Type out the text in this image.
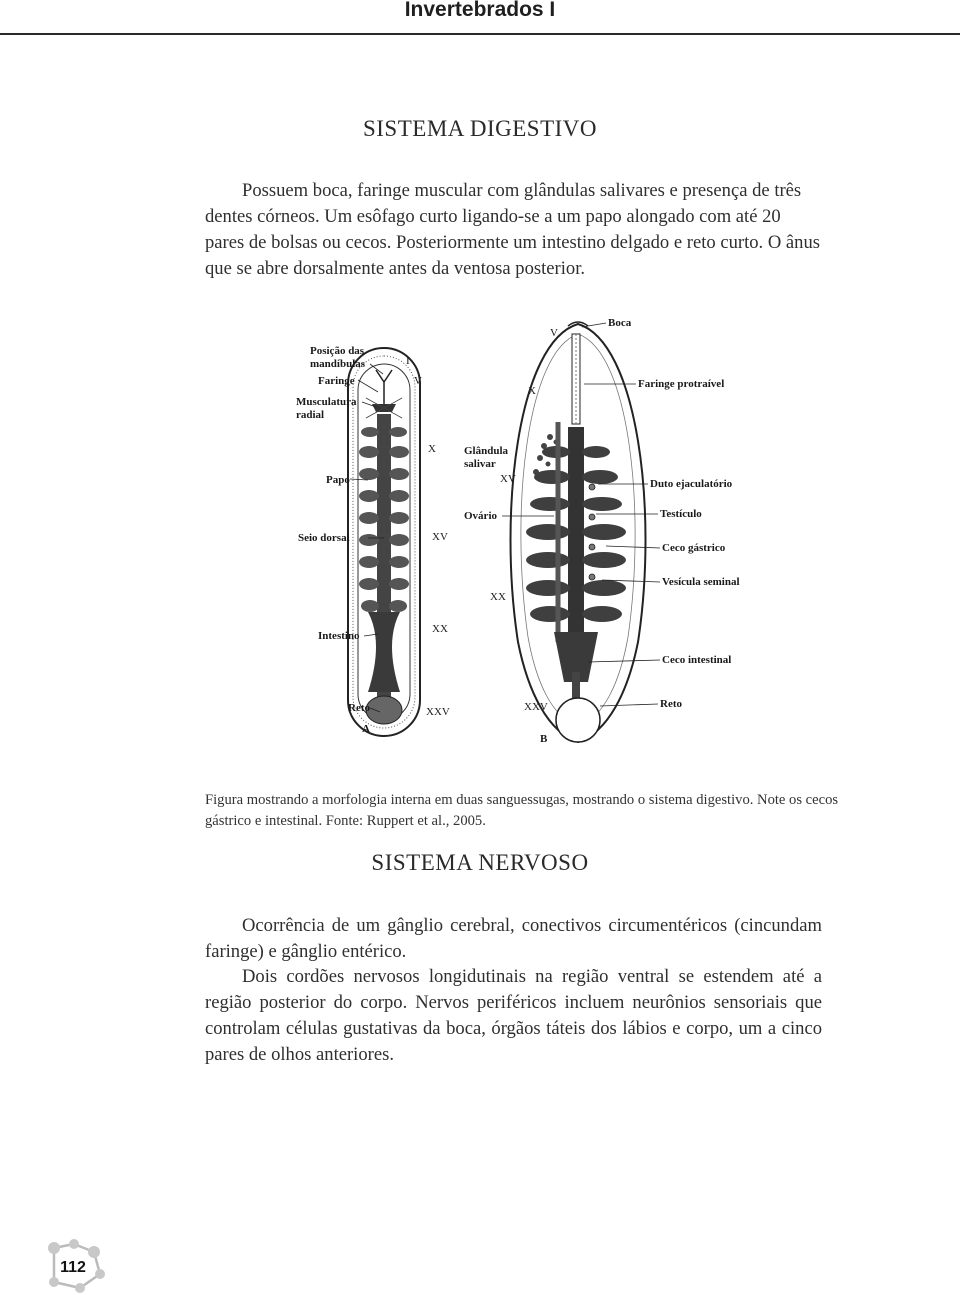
Invertebrados I
SISTEMA DIGESTIVO

Possuem boca, faringe muscular com glândulas salivares e presença de três dentes córneos. Um esôfago curto ligando-se a um papo alongado com até 20 pares de bolsas ou cecos. Posteriormente um intestino delgado e reto curto. O ânus que se abre dorsalmente antes da ventosa posterior.

Posição das
mandíbulas
Faringe
Musculatura
radial
Papo
Seio dorsal
Intestino
Reto
A
I
V
X
XV
XX
XXV
Boca
Faringe protraível
Glândula
salivar
Ovário
Duto ejaculatório
Testículo
Ceco gástrico
Vesícula seminal
Ceco intestinal
Reto
B
V
X
XV
XX
XXV

Figura mostrando a morfologia interna em duas sanguessugas, mostrando o sistema digestivo. Note os cecos gástrico e intestinal. Fonte: Ruppert et al., 2005.

SISTEMA NERVOSO

Ocorrência de um gânglio cerebral, conectivos circumentéricos (cincundam faringe) e gânglio entérico.

Dois cordões nervosos longidutinais na região ventral se estendem até a região posterior do corpo. Nervos periféricos incluem neurônios sensoriais que controlam células gustativas da boca, órgãos táteis dos lábios e corpo, um a cinco pares de olhos anteriores.

112
